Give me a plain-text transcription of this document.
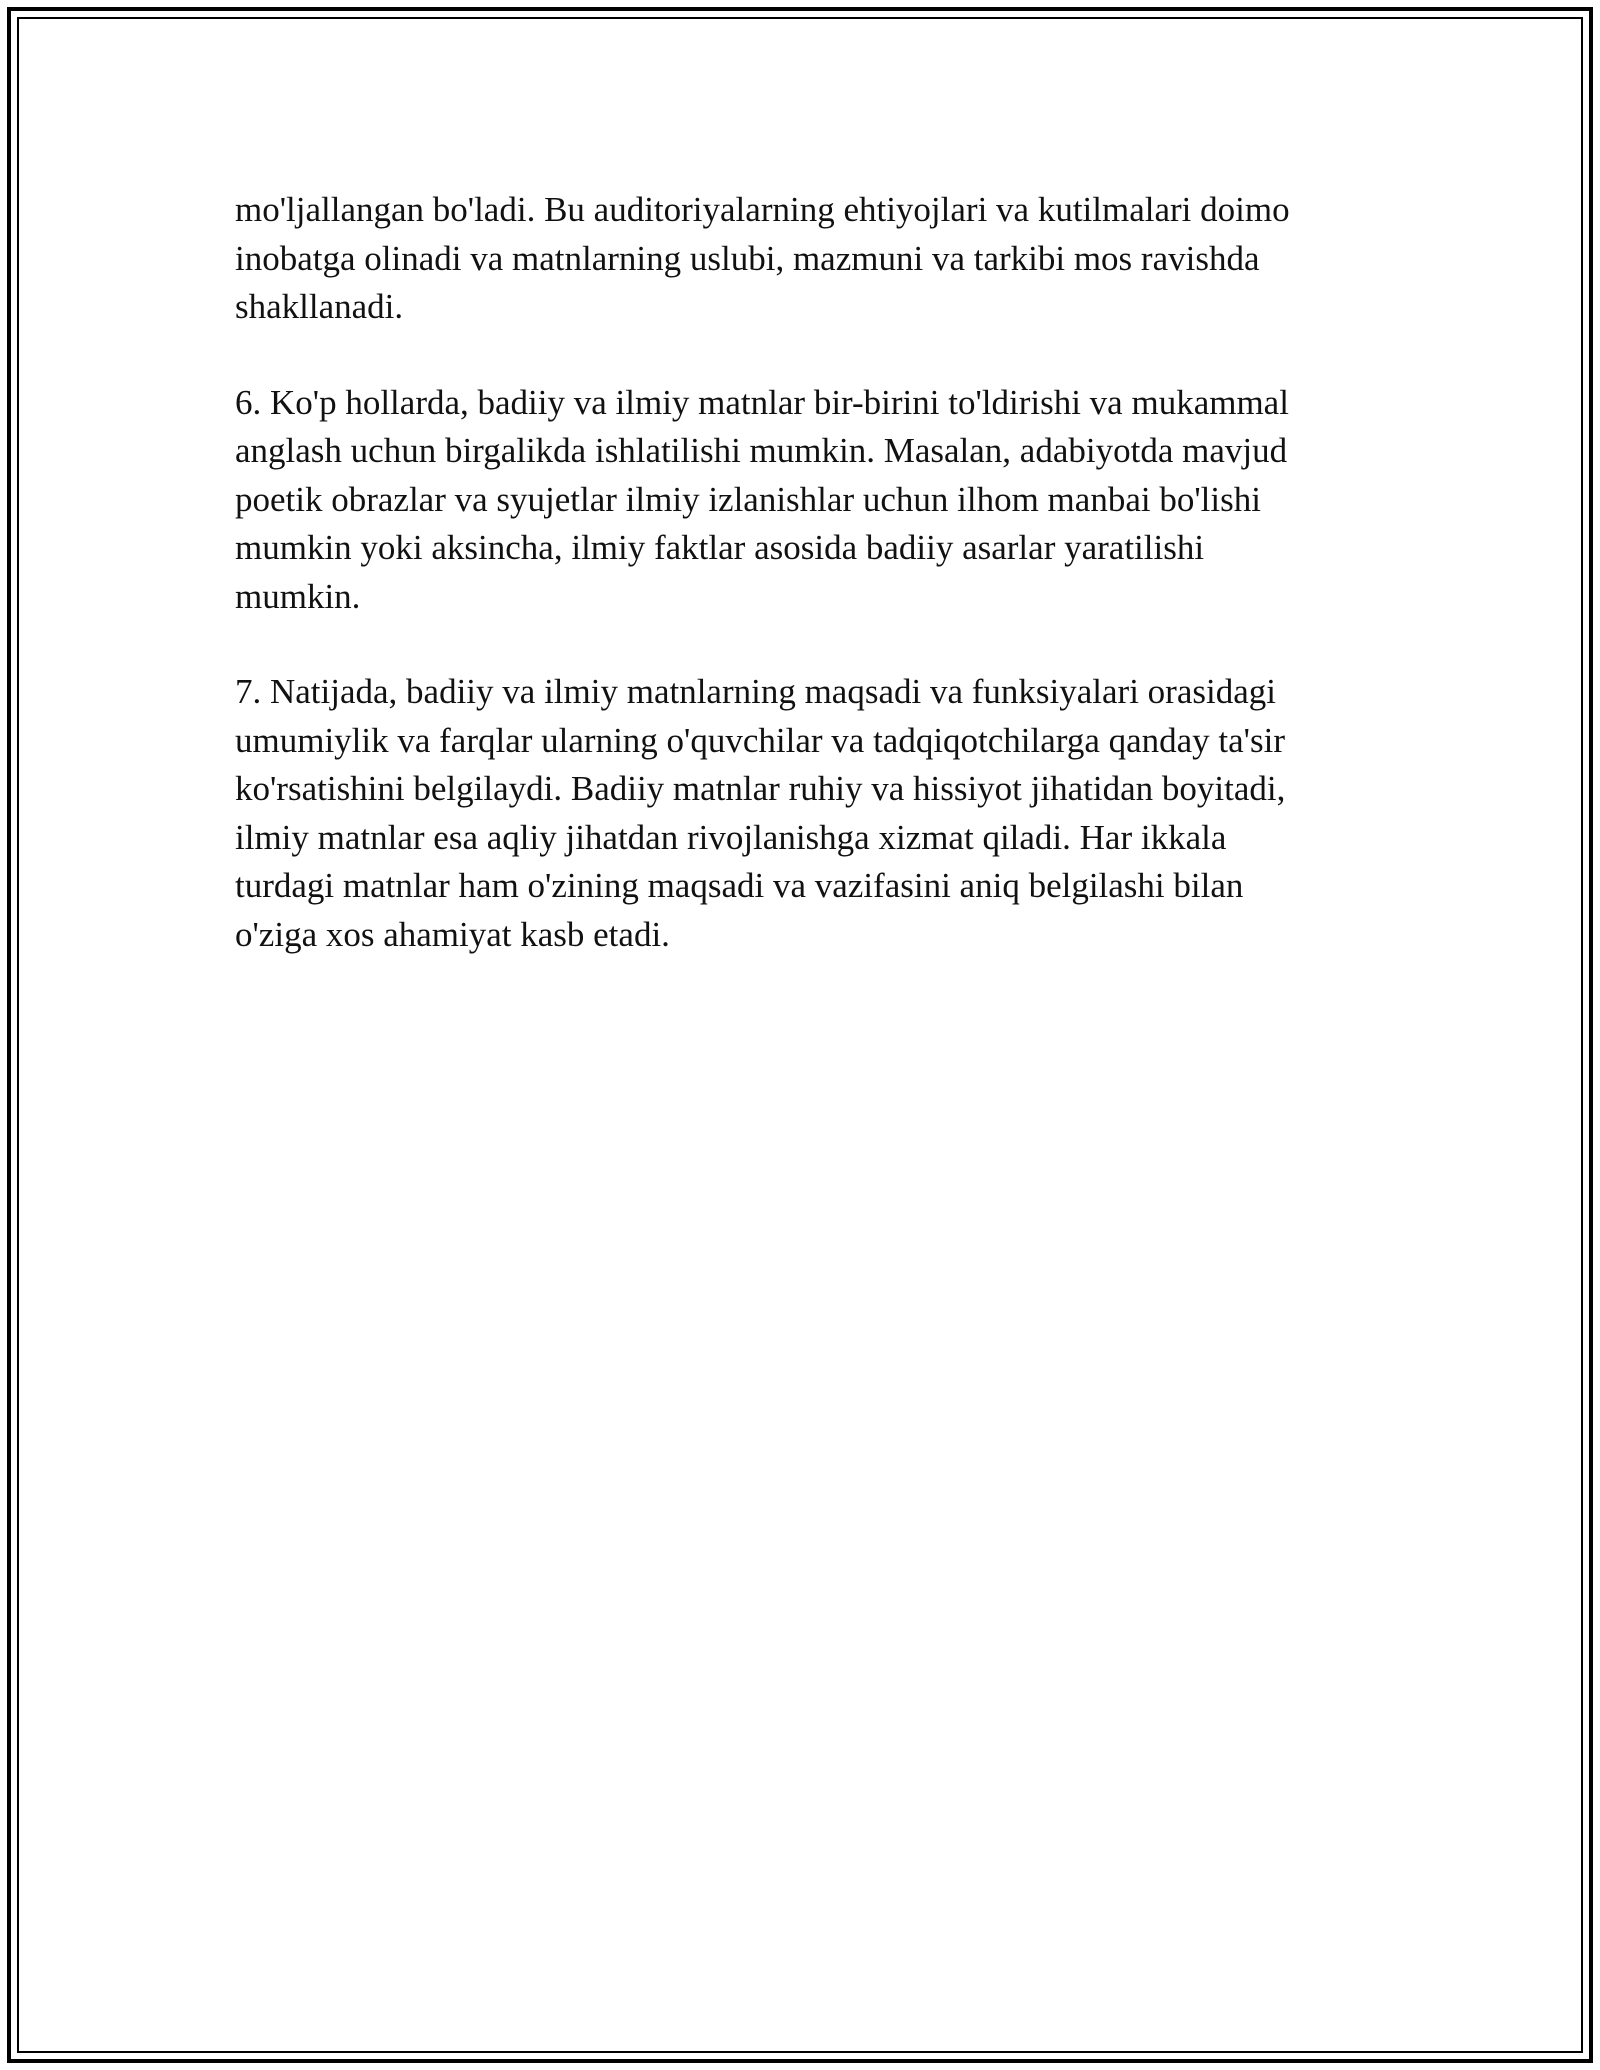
mo'ljallangan bo'ladi. Bu auditoriyalarning ehtiyojlari va kutilmalari doimo
inobatga olinadi va matnlarning uslubi, mazmuni va tarkibi mos ravishda
shakllanadi.

6. Ko'p hollarda, badiiy va ilmiy matnlar bir-birini to'ldirishi va mukammal
anglash uchun birgalikda ishlatilishi mumkin. Masalan, adabiyotda mavjud
poetik obrazlar va syujetlar ilmiy izlanishlar uchun ilhom manbai bo'lishi
mumkin yoki aksincha, ilmiy faktlar asosida badiiy asarlar yaratilishi
mumkin.

7. Natijada, badiiy va ilmiy matnlarning maqsadi va funksiyalari orasidagi
umumiylik va farqlar ularning o'quvchilar va tadqiqotchilarga qanday ta'sir
ko'rsatishini belgilaydi. Badiiy matnlar ruhiy va hissiyot jihatidan boyitadi,
ilmiy matnlar esa aqliy jihatdan rivojlanishga xizmat qiladi. Har ikkala
turdagi matnlar ham o'zining maqsadi va vazifasini aniq belgilashi bilan
o'ziga xos ahamiyat kasb etadi.
